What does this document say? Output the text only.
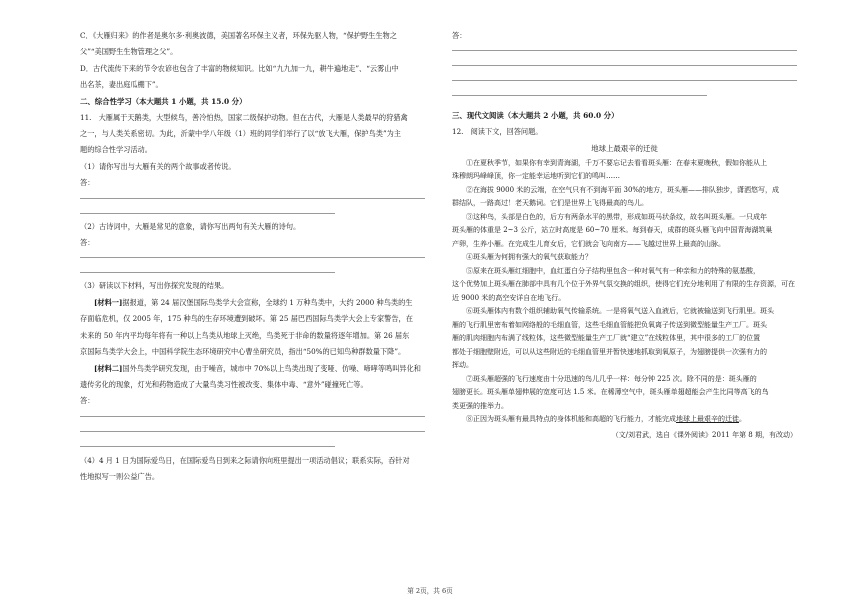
C．《大雁归来》的作者是奥尔多·利奥波德，美国著名环保主义者，环保先驱人物，“保护野生生物之

父”“美国野生生物管理之父”。

D．古代流传下来的节令农谚也包含了丰富的物候知识。比如“九九加一九，耕牛遍地走”、“云雾山中

出名茶，妻出庭瓜棚下”。

二、综合性学习（本大题共 1 小题，共 15.0 分）

11.　大雁属于天鹅类，大型候鸟，善冷怕热，国家二级保护动物。但在古代，大雁是人类最早的狩猎禽

之一，与人类关系密切。为此，沂蒙中学八年级（1）班的同学们举行了以“放飞大雁，保护鸟类”为主

题的综合性学习活动。

（1）请你写出与大雁有关的两个故事或者传说。

答：

（2）古诗词中，大雁是常见的意象，请你写出两句有关大雁的诗句。

答：

（3）研读以下材料，写出你探究发现的结果。

[材料一]据报道，第 24 届汉堡国际鸟类学大会宣称，全球约 1 万种鸟类中，大约 2000 种鸟类的生

存面临危机，仅 2005 年，175 种鸟的生存环境遭到破坏。第 25 届巴西国际鸟类学大会上专家警告，在

未来的 50 年内平均每年将有一种以上鸟类从地球上灭绝，鸟类死于非命的数量将逐年增加。第 26 届东

京国际鸟类学大会上，中国科学院生态环境研究中心曹坐研究员，指出“50%的已知鸟种群数量下降”。

[材料二]国外鸟类学研究发现，由于噪音，城市中 70%以上鸟类出现了变哑、仿噪、啼哮等鸣叫异化和

遗传劣化的现象，灯光和药物造成了大量鸟类习性被改变、集体中毒、“意外”碰撞死亡等。

答：

（4）4 月 1 日为国际爱鸟日，在国际爱鸟日到来之际请你向班里提出一项活动倡议；联系实际，吞针对

性地拟写一则公益广告。

答：

三、现代文阅读（本大题共 2 小题，共 60.0 分）

12.　阅读下文，回答问题。

地球上最艰辛的迁徙

①在夏秋季节，如果你有幸到青海湖，千万不要忘记去看看斑头雁：在春末夏晚秋，假如你能从上

珠穆朗玛峰峰顶，你一定能幸运地听到它们的鸣叫……

②在海拔 9000 米的云端，在空气只有不到海平面 30%的地方，斑头雁——排队独步，潇洒悠写，成

群结队，一路高过！老天鹅词。它们是世界上飞得最高的鸟儿。

③这种鸟，头部是白色的，后方有两条水平的黑带，形成如斑马状条纹，故名叫斑头雁。一只成年

斑头雁的体重是 2~3 公斤，站立时高度是 60~70 厘米。每到春天，成群的斑头雁飞向中国青海湖筑巢

产卵，生养小雁。在完成生儿育女后，它们就会飞向南方——飞越过世界上最高的山脉。

④斑头雁为何拥有强大的氧气获取能力？

⑤原来在斑头雁红细胞中，血红蛋白分子结构里包含一种对氧气有一种亲和力的特殊的氨基酸，

这个优势加上斑头雁在肺部中具有几个位于外界气氛交换的组织，使得它们充分地利用了有限的生存资源，可在

近 9000 米的高空安详自在地飞行。

⑥斑头雁体内有数个组织辅助氧气传输系统。一是将氧气送入血液后，它就被输送到飞行肌里。斑头

雁的飞行肌里密布着如网络般的毛细血管，这些毛细血管能把负氧离子传送到微型能量生产工厂。斑头

雁的肌肉细胞内布满了线粒体，这些微型能量生产工厂就“建立”在线粒体里，其中很多的工厂的位置

都处于细胞壁附近，可以从这些附近的毛细血管里并暂快速地抓取到氧原子，为翅膀提供一次强有力的

挥动。

⑦斑头雁超强的飞行速度由十分迅速的鸟儿几乎一样：每分钟 225 次。除不同的是：斑头雁的

翅膀更长。斑头雁单翅伸展的宽度可达 1.5 米。在稀薄空气中，斑头雁单翅超能会产生比同等高飞的鸟

类更强的推举力。

⑧正因为斑头雁有最具特点的身体机能和高超的飞行能力，才能完成地球上最艰辛的迁徙。

（文/刘君武，选自《课外阅读》2011 年第 8 期，有改动）

第 2页，共 6页
